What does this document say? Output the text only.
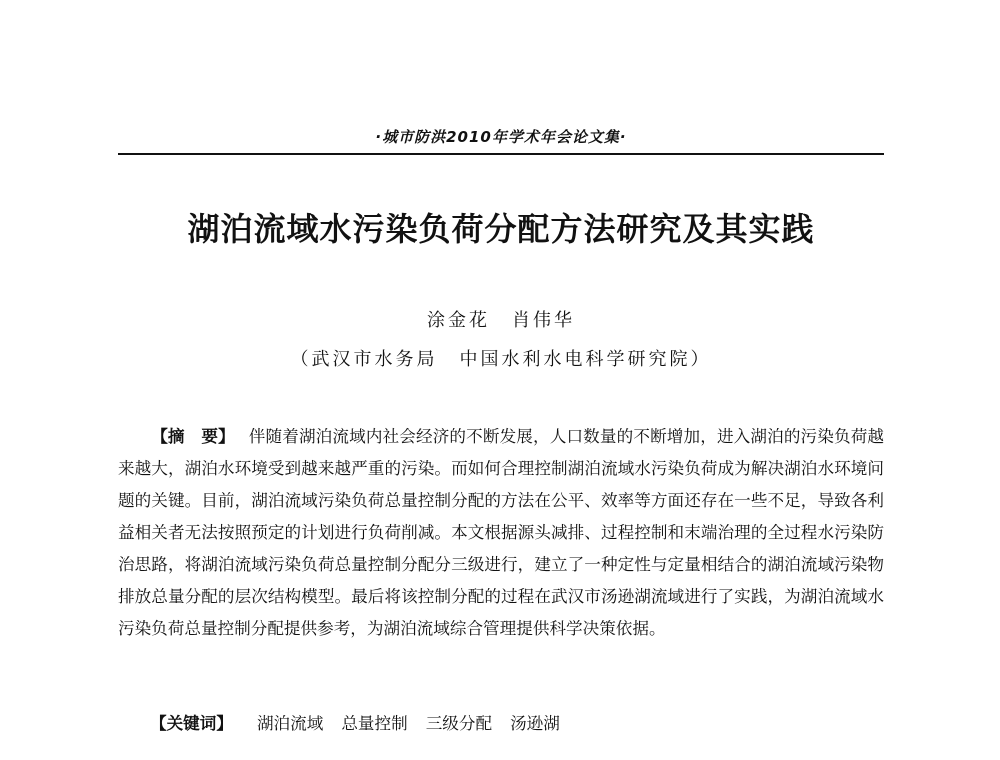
·城市防洪2010年学术年会论文集·
湖泊流域水污染负荷分配方法研究及其实践
涂金花 肖伟华
（武汉市水务局 中国水利水电科学研究院）

【摘　要】 伴随着湖泊流域内社会经济的不断发展，人口数量的不断增加，进入湖泊的污染负荷越来越大，湖泊水环境受到越来越严重的污染。而如何合理控制湖泊流域水污染负荷成为解决湖泊水环境问题的关键。目前，湖泊流域污染负荷总量控制分配的方法在公平、效率等方面还存在一些不足，导致各利益相关者无法按照预定的计划进行负荷削减。本文根据源头减排、过程控制和末端治理的全过程水污染防治思路，将湖泊流域污染负荷总量控制分配分三级进行，建立了一种定性与定量相结合的湖泊流域污染物排放总量分配的层次结构模型。最后将该控制分配的过程在武汉市汤逊湖流域进行了实践，为湖泊流域水污染负荷总量控制分配提供参考，为湖泊流域综合管理提供科学决策依据。

【关键词】 湖泊流域 总量控制 三级分配 汤逊湖
